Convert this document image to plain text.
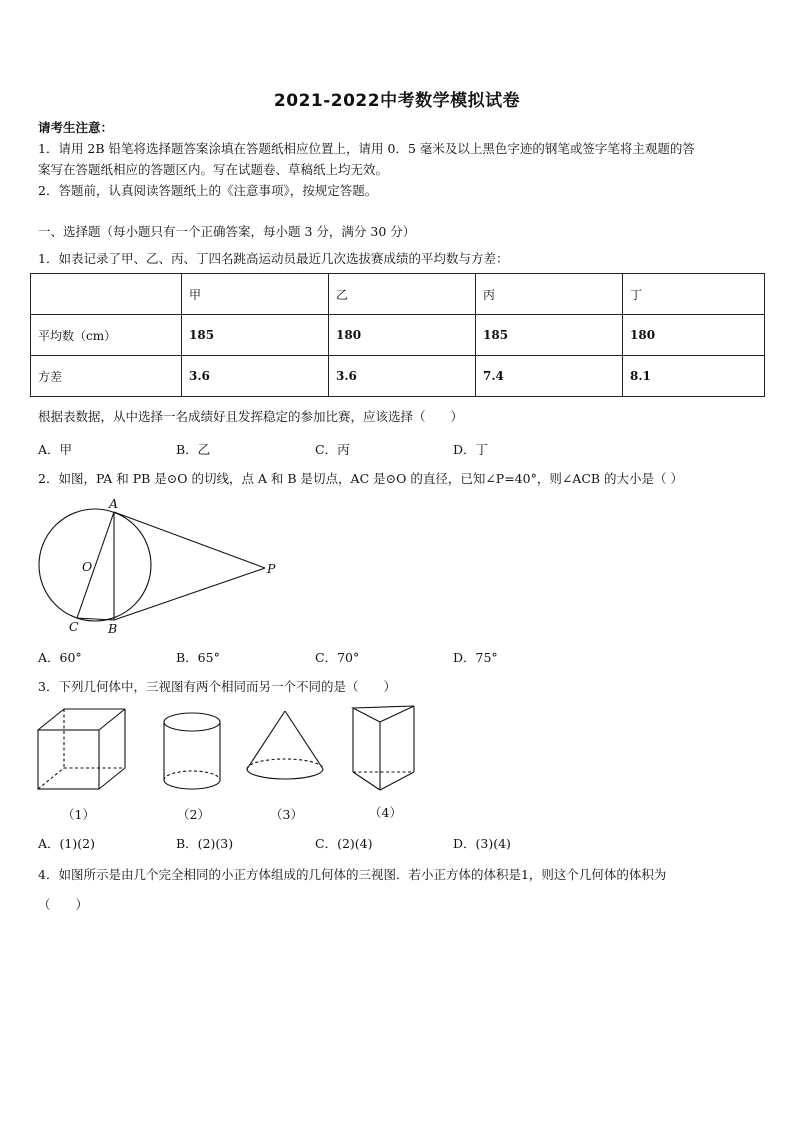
2021-2022中考数学模拟试卷
请考生注意：
1．请用 2B 铅笔将选择题答案涂填在答题纸相应位置上，请用 0．5 毫米及以上黑色字迹的钢笔或签字笔将主观题的答
案写在答题纸相应的答题区内。写在试题卷、草稿纸上均无效。
2．答题前，认真阅读答题纸上的《注意事项》，按规定答题。
一、选择题（每小题只有一个正确答案，每小题 3 分，满分 30 分）
1．如表记录了甲、乙、丙、丁四名跳高运动员最近几次选拔赛成绩的平均数与方差：
	甲	乙	丙	丁
平均数（cm）	185	180	185	180
方差	3.6	3.6	7.4	8.1
根据表数据，从中选择一名成绩好且发挥稳定的参加比赛，应该选择（　　）
A．甲	B．乙	C．丙	D．丁
2．如图，PA 和 PB 是⊙O 的切线，点 A 和 B 是切点，AC 是⊙O 的直径，已知∠P=40°，则∠ACB 的大小是（ ）
A
O	P
C B
A．60°	B．65°	C．70°	D．75°
3．下列几何体中，三视图有两个相同而另一个不同的是（　　）
（1）	（2）	（3）	（4）
A．(1)(2)	B．(2)(3)	C．(2)(4)	D．(3)(4)
4．如图所示是由几个完全相同的小正方体组成的几何体的三视图．若小正方体的体积是1，则这个几何体的体积为
（　　）
